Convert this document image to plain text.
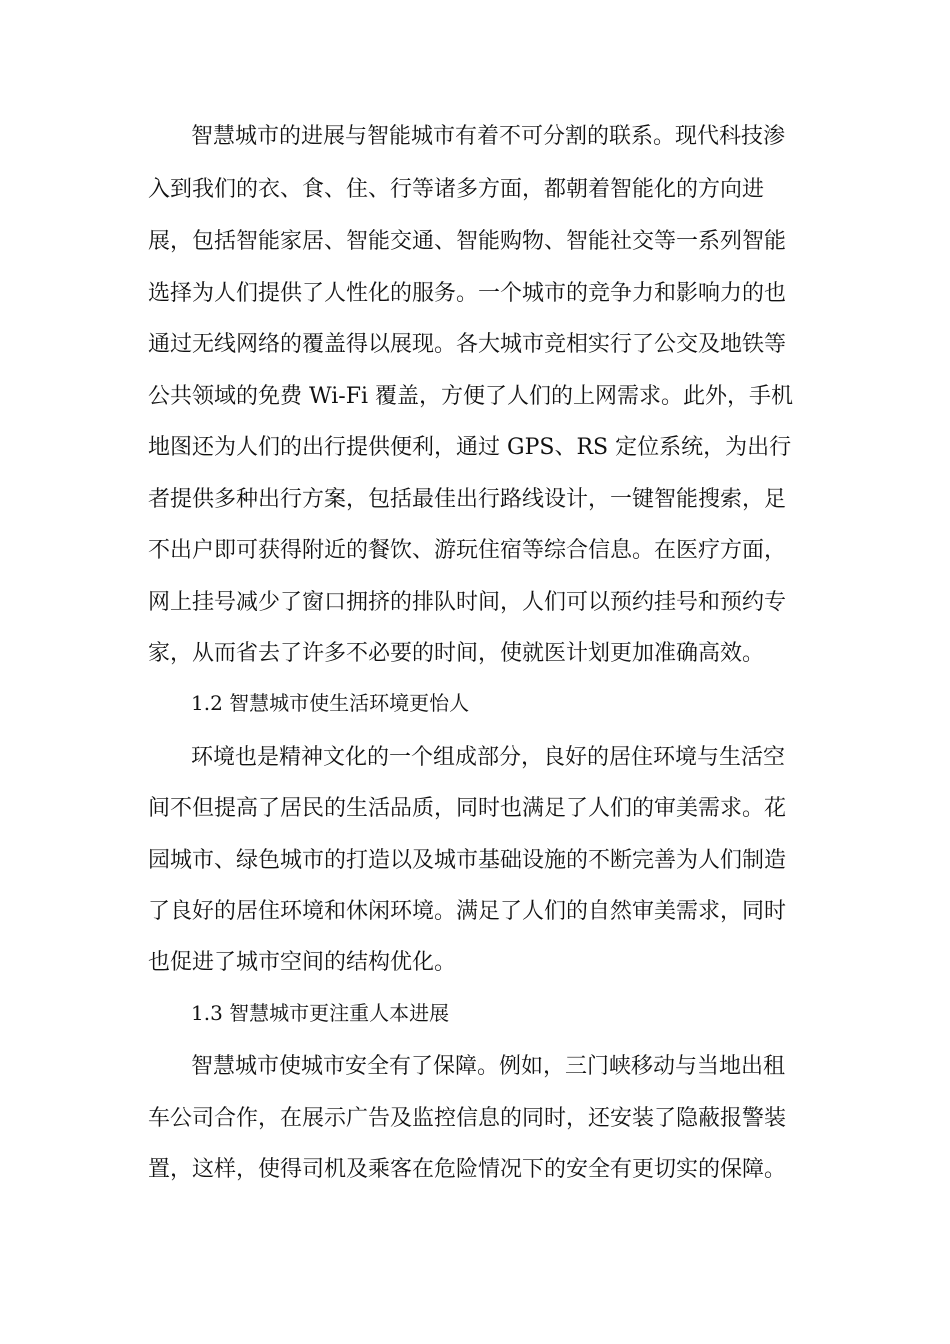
智慧城市的进展与智能城市有着不可分割的联系。现代科技渗
入到我们的衣、食、住、行等诸多方面，都朝着智能化的方向进
展，包括智能家居、智能交通、智能购物、智能社交等一系列智能
选择为人们提供了人性化的服务。一个城市的竞争力和影响力的也
通过无线网络的覆盖得以展现。各大城市竞相实行了公交及地铁等
公共领域的免费 Wi-Fi 覆盖，方便了人们的上网需求。此外，手机
地图还为人们的出行提供便利，通过 GPS、RS 定位系统，为出行
者提供多种出行方案，包括最佳出行路线设计，一键智能搜索，足
不出户即可获得附近的餐饮、游玩住宿等综合信息。在医疗方面，
网上挂号减少了窗口拥挤的排队时间，人们可以预约挂号和预约专
家，从而省去了许多不必要的时间，使就医计划更加准确高效。
1.2 智慧城市使生活环境更怡人
环境也是精神文化的一个组成部分，良好的居住环境与生活空
间不但提高了居民的生活品质，同时也满足了人们的审美需求。花
园城市、绿色城市的打造以及城市基础设施的不断完善为人们制造
了良好的居住环境和休闲环境。满足了人们的自然审美需求，同时
也促进了城市空间的结构优化。
1.3 智慧城市更注重人本进展
智慧城市使城市安全有了保障。例如，三门峡移动与当地出租
车公司合作，在展示广告及监控信息的同时，还安装了隐蔽报警装
置，这样，使得司机及乘客在危险情况下的安全有更切实的保障。
